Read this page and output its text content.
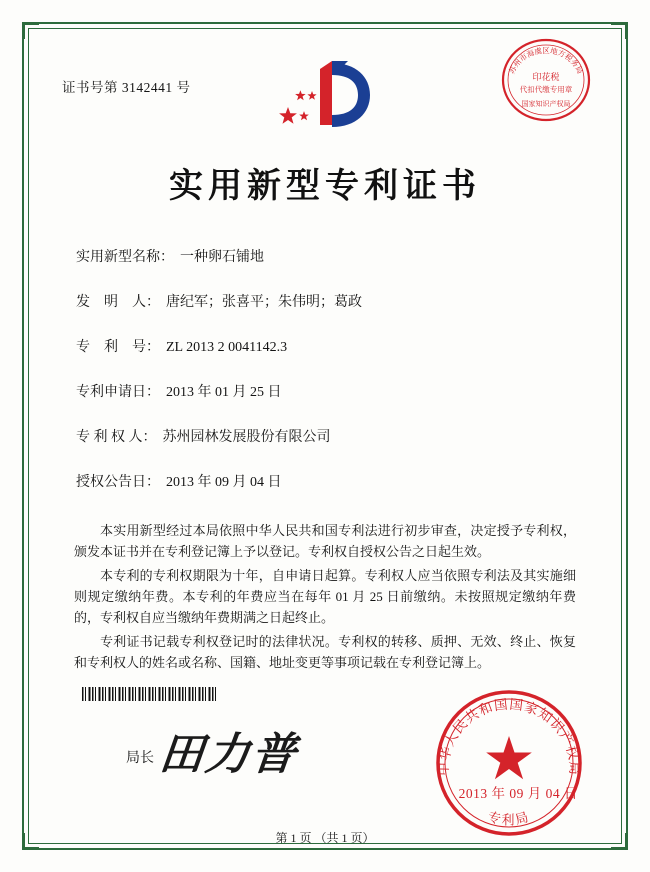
证书号第 3142441 号
苏州市海虞区地方税务局
印花税
代扣代缴专用章
国家知识产权局
实用新型专利证书
实用新型名称： 一种卵石铺地
发　明　人： 唐纪军；张喜平；朱伟明；葛政
专　利　号： ZL 2013 2 0041142.3
专利申请日： 2013 年 01 月 25 日
专 利 权 人： 苏州园林发展股份有限公司
授权公告日： 2013 年 09 月 04 日

本实用新型经过本局依照中华人民共和国专利法进行初步审查，决定授予专利权，颁发本证书并在专利登记簿上予以登记。专利权自授权公告之日起生效。

本专利的专利权期限为十年，自申请日起算。专利权人应当依照专利法及其实施细则规定缴纳年费。本专利的年费应当在每年 01 月 25 日前缴纳。未按照规定缴纳年费的，专利权自应当缴纳年费期满之日起终止。

专利证书记载专利权登记时的法律状况。专利权的转移、质押、无效、终止、恢复和专利权人的姓名或名称、国籍、地址变更等事项记载在专利登记簿上。

局长 田力普	中华人民共和国国家知识产权局
专利局
2013 年 09 月 04 日
第 1 页 （共 1 页）
